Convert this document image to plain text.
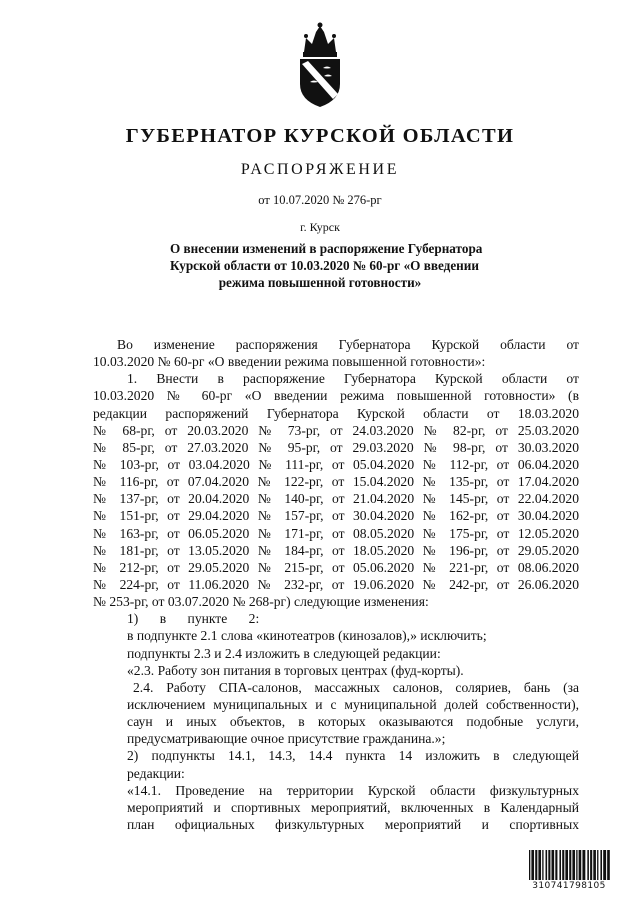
ГУБЕРНАТОР КУРСКОЙ ОБЛАСТИ
РАСПОРЯЖЕНИЕ
от 10.07.2020 № 276-рг
г. Курск
О внесении изменений в распоряжение Губернатора
Курской области от 10.03.2020 № 60-рг «О введении
режима повышенной готовности»
Во изменение распоряжения Губернатора Курской области от
10.03.2020 № 60-рг «О введении режима повышенной готовности»:
1. Внести в распоряжение Губернатора Курской области от
10.03.2020 № 60-рг «О введении режима повышенной готовности» (в
редакции распоряжений Губернатора Курской области от 18.03.2020
№ 68-рг, от 20.03.2020 № 73-рг, от 24.03.2020 № 82-рг, от 25.03.2020
№ 85-рг, от 27.03.2020 № 95-рг, от 29.03.2020 № 98-рг, от 30.03.2020
№ 103-рг, от 03.04.2020 № 111-рг, от 05.04.2020 № 112-рг, от 06.04.2020
№ 116-рг, от 07.04.2020 № 122-рг, от 15.04.2020 № 135-рг, от 17.04.2020
№ 137-рг, от 20.04.2020 № 140-рг, от 21.04.2020 № 145-рг, от 22.04.2020
№ 151-рг, от 29.04.2020 № 157-рг, от 30.04.2020 № 162-рг, от 30.04.2020
№ 163-рг, от 06.05.2020 № 171-рг, от 08.05.2020 № 175-рг, от 12.05.2020
№ 181-рг, от 13.05.2020 № 184-рг, от 18.05.2020 № 196-рг, от 29.05.2020
№ 212-рг, от 29.05.2020 № 215-рг, от 05.06.2020 № 221-рг, от 08.06.2020
№ 224-рг, от 11.06.2020 № 232-рг, от 19.06.2020 № 242-рг, от 26.06.2020
№ 253-рг, от 03.07.2020 № 268-рг) следующие изменения:
1) в пункте 2:
в подпункте 2.1 слова «кинотеатров (кинозалов),» исключить;
подпункты 2.3 и 2.4 изложить в следующей редакции:
«2.3. Работу зон питания в торговых центрах (фуд-корты).
2.4. Работу СПА-салонов, массажных салонов, соляриев, бань (за
исключением муниципальных и с муниципальной долей собственности),
саун и иных объектов, в которых оказываются подобные услуги,
предусматривающие очное присутствие гражданина.»;
2) подпункты 14.1, 14.3, 14.4 пункта 14 изложить в следующей
редакции:
«14.1. Проведение на территории Курской области физкультурных
мероприятий и спортивных мероприятий, включенных в Календарный
план официальных физкультурных мероприятий и спортивных
310741798105
